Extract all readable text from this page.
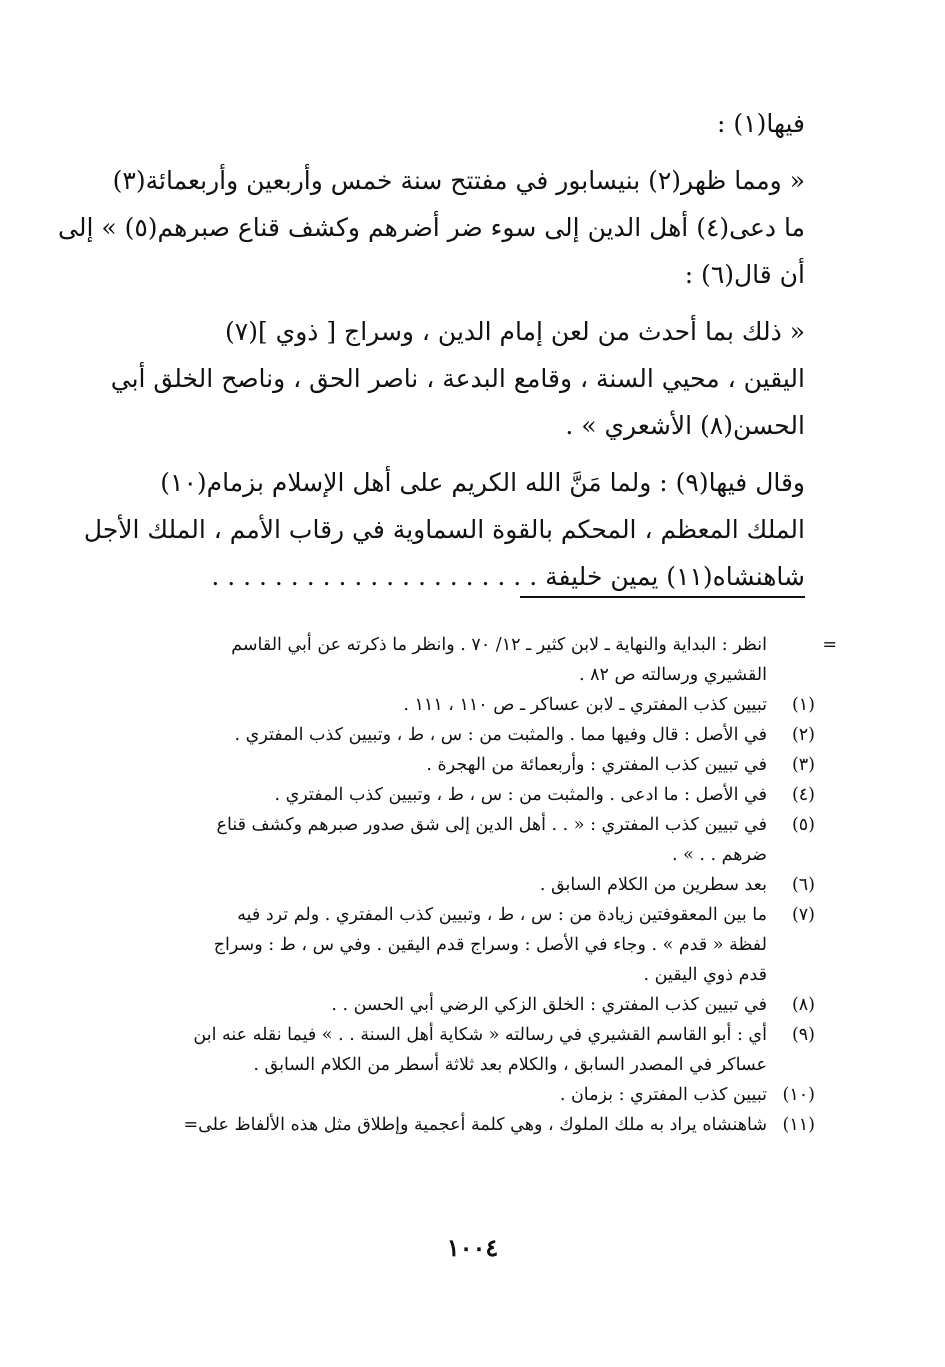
فيها(١) :

« ومما ظهر(٢) بنيسابور في مفتتح سنة خمس وأربعين وأربعمائة(٣)
ما دعى(٤) أهل الدين إلى سوء ضر أضرهم وكشف قناع صبرهم(٥) » إلى
أن قال(٦) :

« ذلك بما أحدث من لعن إمام الدين ، وسراج [ ذوي ](٧)
اليقين ، محيي السنة ، وقامع البدعة ، ناصر الحق ، وناصح الخلق أبي
الحسن(٨) الأشعري » .

وقال فيها(٩) : ولما مَنَّ الله الكريم على أهل الإسلام بزمام(١٠)
الملك المعظم ، المحكم بالقوة السماوية في رقاب الأمم ، الملك الأجل
شاهنشاه(١١) يمين خليفة . . . . . . . . . . . . . . . . . . . . .

=
انظر : البداية والنهاية ـ لابن كثير ـ ١٢/ ٧٠ . وانظر ما ذكرته عن أبي القاسم
القشيري ورسالته ص ٨٢ .
(١)
تبيين كذب المفتري ـ لابن عساكر ـ ص ١١٠ ، ١١١ .
(٢)
في الأصل : قال وفيها مما . والمثبت من : س ، ط ، وتبيين كذب المفتري .
(٣)
في تبيين كذب المفتري : وأربعمائة من الهجرة .
(٤)
في الأصل : ما ادعى . والمثبت من : س ، ط ، وتبيين كذب المفتري .
(٥)
في تبيين كذب المفتري : « . . أهل الدين إلى شق صدور صبرهم وكشف قناع
ضرهم . . » .
(٦)
بعد سطرين من الكلام السابق .
(٧)
ما بين المعقوفتين زيادة من : س ، ط ، وتبيين كذب المفتري . ولم ترد فيه
لفظة « قدم » . وجاء في الأصل : وسراج قدم اليقين . وفي س ، ط : وسراج
قدم ذوي اليقين .
(٨)
في تبيين كذب المفتري : الخلق الزكي الرضي أبي الحسن . .
(٩)
أي : أبو القاسم القشيري في رسالته « شكاية أهل السنة . . » فيما نقله عنه ابن
عساكر في المصدر السابق ، والكلام بعد ثلاثة أسطر من الكلام السابق .
(١٠)
تبيين كذب المفتري : بزمان .
(١١)
شاهنشاه يراد به ملك الملوك ، وهي كلمة أعجمية وإطلاق مثل هذه الألفاظ على=
١٠٠٤
